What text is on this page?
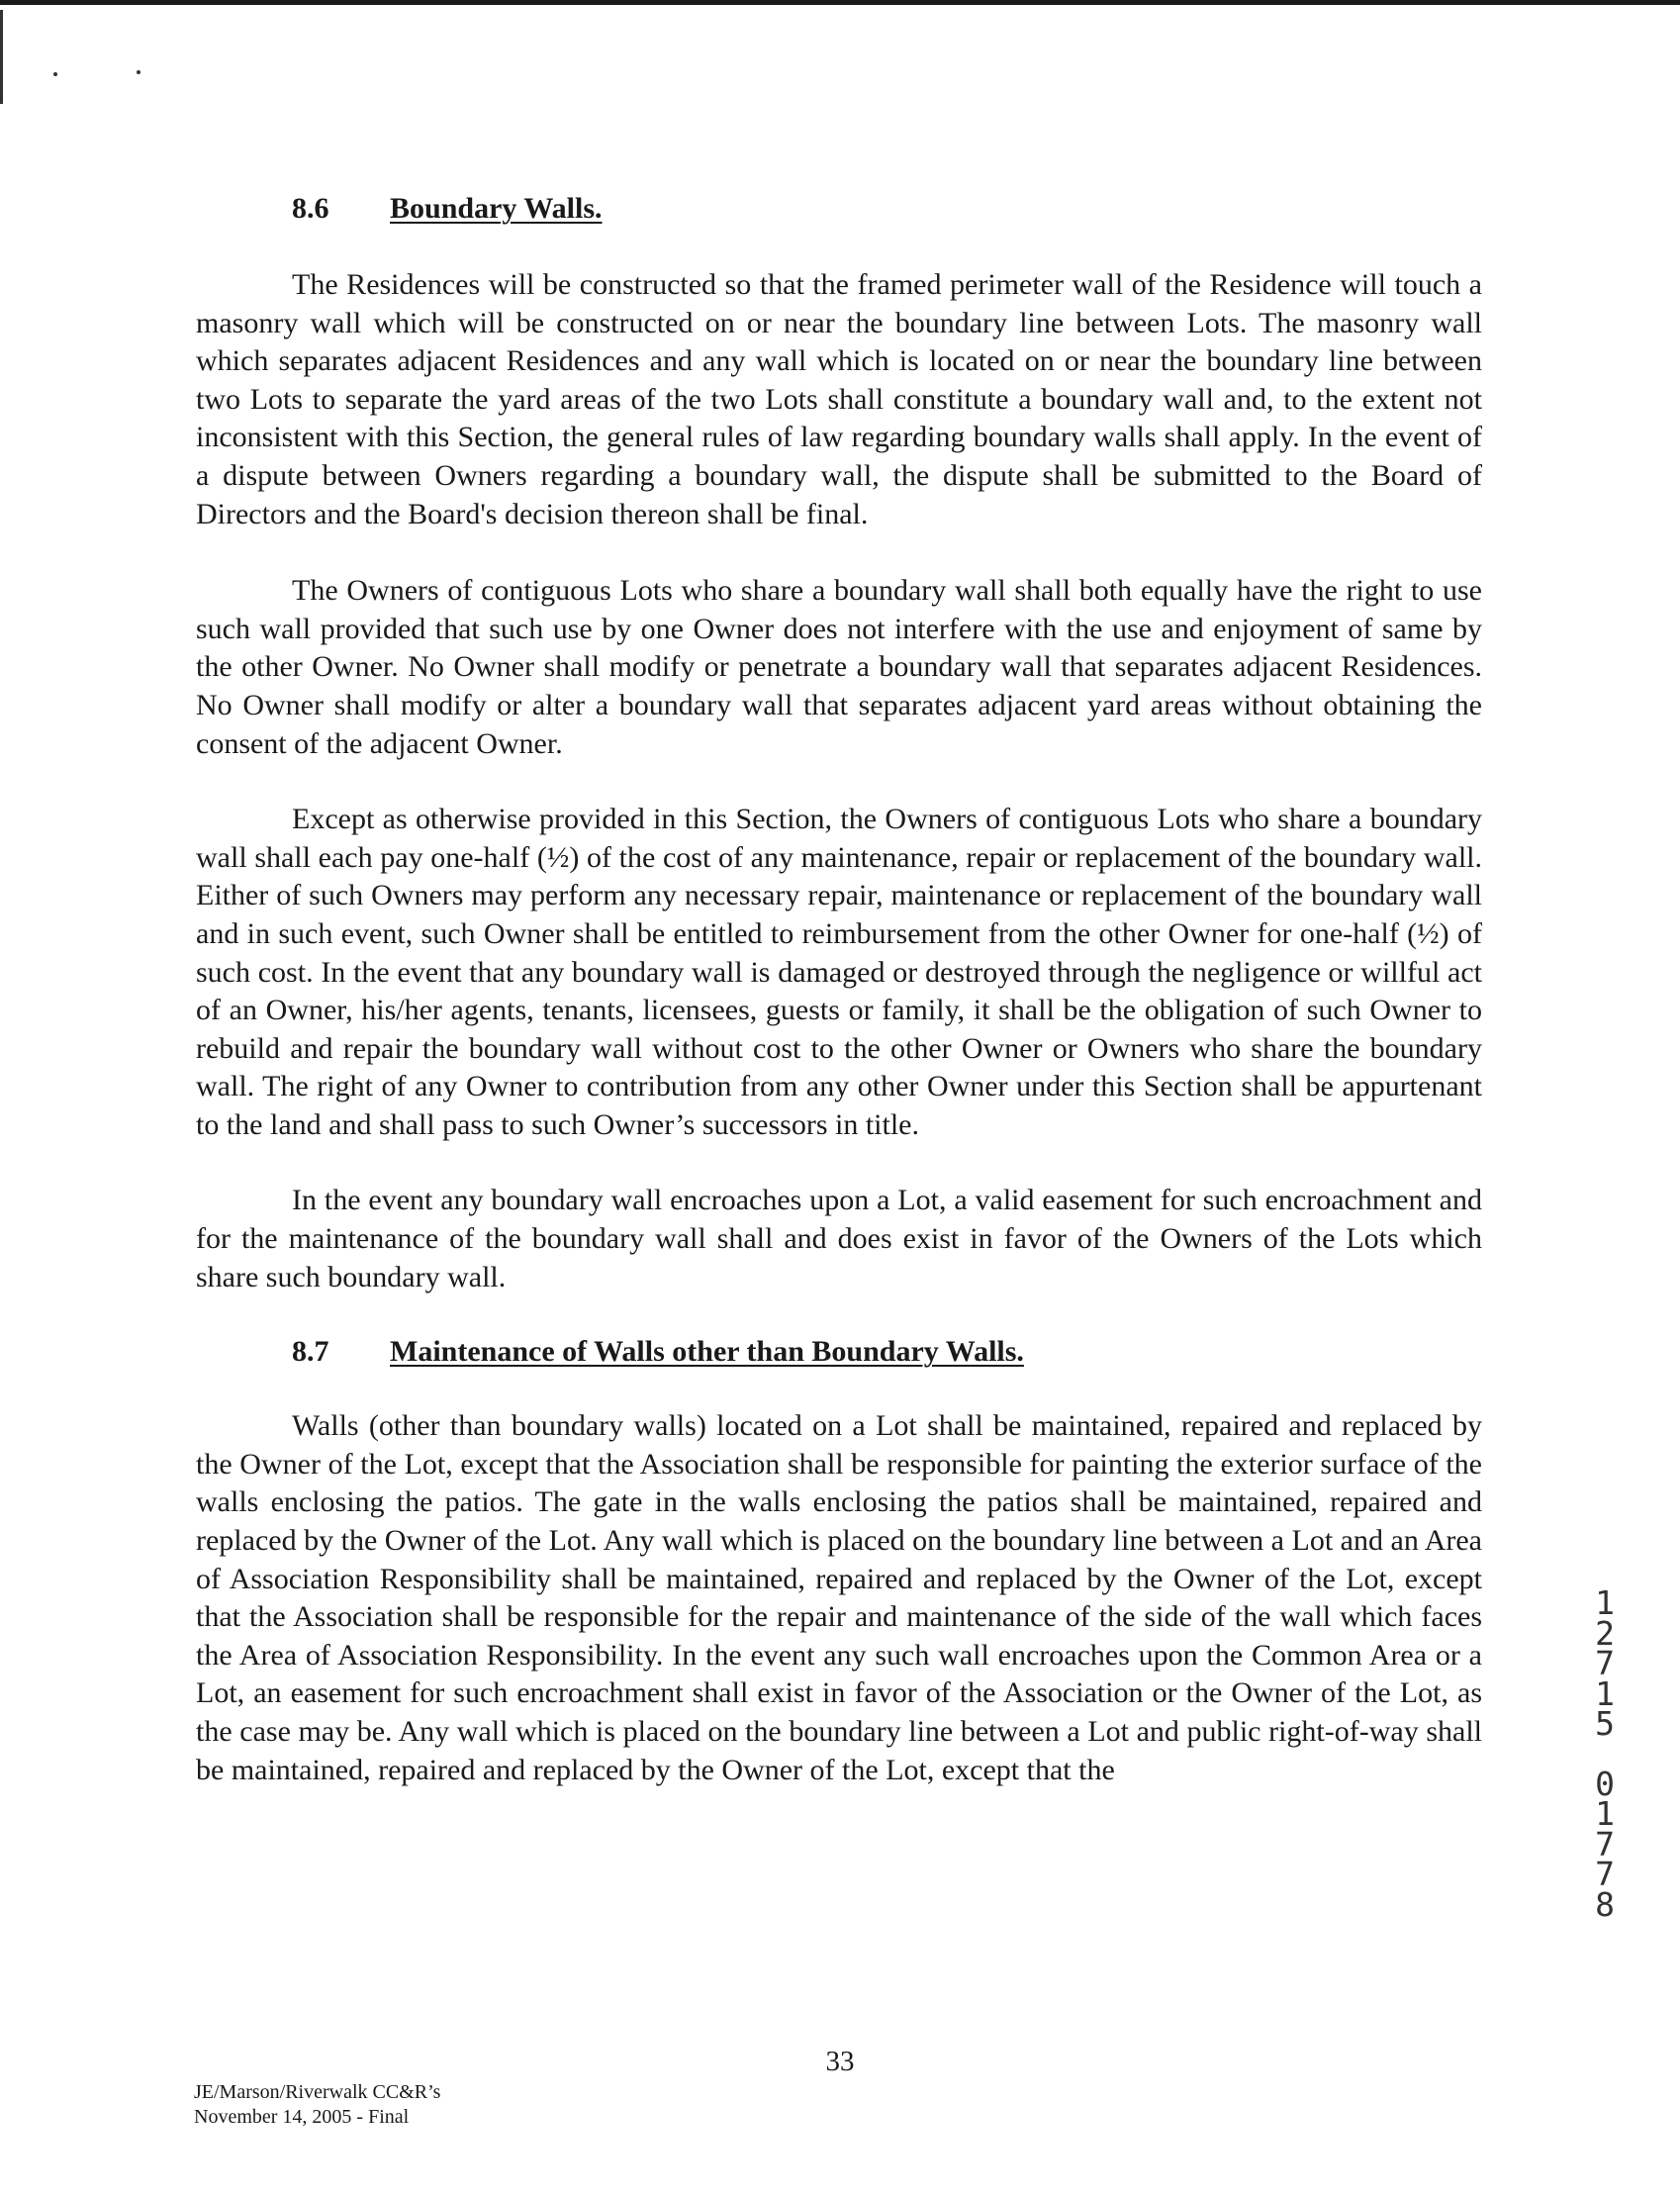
8.6 Boundary Walls.

The Residences will be constructed so that the framed perimeter wall of the Residence will touch a masonry wall which will be constructed on or near the boundary line between Lots. The masonry wall which separates adjacent Residences and any wall which is located on or near the boundary line between two Lots to separate the yard areas of the two Lots shall constitute a boundary wall and, to the extent not inconsistent with this Section, the general rules of law regarding boundary walls shall apply. In the event of a dispute between Owners regarding a boundary wall, the dispute shall be submitted to the Board of Directors and the Board's decision thereon shall be final.

The Owners of contiguous Lots who share a boundary wall shall both equally have the right to use such wall provided that such use by one Owner does not interfere with the use and enjoyment of same by the other Owner. No Owner shall modify or penetrate a boundary wall that separates adjacent Residences. No Owner shall modify or alter a boundary wall that separates adjacent yard areas without obtaining the consent of the adjacent Owner.

Except as otherwise provided in this Section, the Owners of contiguous Lots who share a boundary wall shall each pay one-half (½) of the cost of any maintenance, repair or replacement of the boundary wall. Either of such Owners may perform any necessary repair, maintenance or replacement of the boundary wall and in such event, such Owner shall be entitled to reimbursement from the other Owner for one-half (½) of such cost. In the event that any boundary wall is damaged or destroyed through the negligence or willful act of an Owner, his/her agents, tenants, licensees, guests or family, it shall be the obligation of such Owner to rebuild and repair the boundary wall without cost to the other Owner or Owners who share the boundary wall. The right of any Owner to contribution from any other Owner under this Section shall be appurtenant to the land and shall pass to such Owner’s successors in title.

In the event any boundary wall encroaches upon a Lot, a valid easement for such encroachment and for the maintenance of the boundary wall shall and does exist in favor of the Owners of the Lots which share such boundary wall.

8.7 Maintenance of Walls other than Boundary Walls.

Walls (other than boundary walls) located on a Lot shall be maintained, repaired and replaced by the Owner of the Lot, except that the Association shall be responsible for painting the exterior surface of the walls enclosing the patios. The gate in the walls enclosing the patios shall be maintained, repaired and replaced by the Owner of the Lot. Any wall which is placed on the boundary line between a Lot and an Area of Association Responsibility shall be maintained, repaired and replaced by the Owner of the Lot, except that the Association shall be responsible for the repair and maintenance of the side of the wall which faces the Area of Association Responsibility. In the event any such wall encroaches upon the Common Area or a Lot, an easement for such encroachment shall exist in favor of the Association or the Owner of the Lot, as the case may be. Any wall which is placed on the boundary line between a Lot and public right-of-way shall be maintained, repaired and replaced by the Owner of the Lot, except that the

1
2
7
1
5
0
1
7
7
8
33
JE/Marson/Riverwalk CC&R’s
November 14, 2005 - Final
